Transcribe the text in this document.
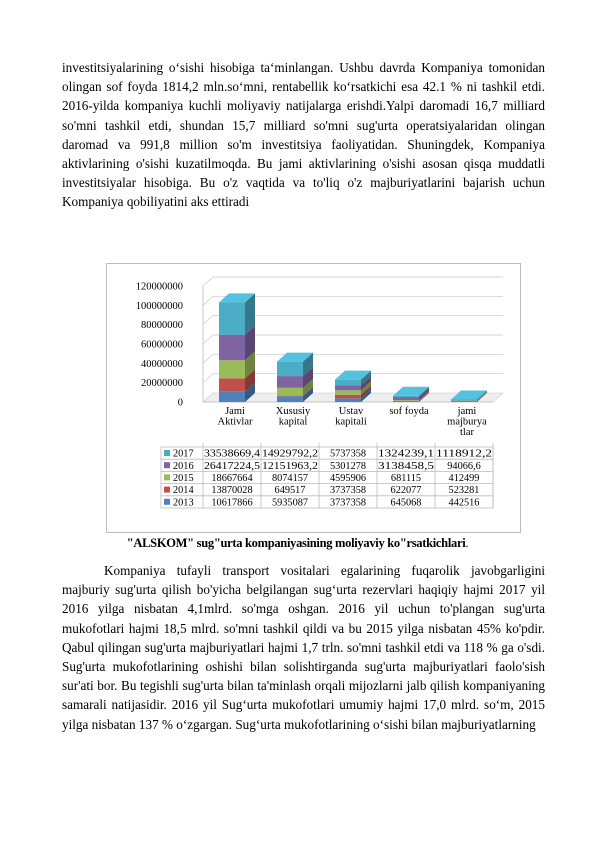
investitsiyalarining o‘sishi hisobiga ta‘minlangan. Ushbu davrda Kompaniya tomonidan olingan sof foyda 1814,2 mln.so‘mni, rentabellik ko‘rsatkichi esa 42.1 % ni tashkil etdi. 2016-yilda kompaniya kuchli moliyaviy natijalarga erishdi.Yalpi daromadi 16,7 milliard so'mni tashkil etdi, shundan 15,7 milliard so'mni sug'urta operatsiyalaridan olingan daromad va 991,8 million so'm investitsiya faoliyatidan. Shuningdek, Kompaniya aktivlarining o'sishi kuzatilmoqda. Bu jami aktivlarining o'sishi asosan qisqa muddatli investitsiyalar hisobiga. Bu o'z vaqtida va to'liq o'z majburiyatlarini bajarish uchun Kompaniya qobiliyatini aks ettiradi
0
20000000
40000000
60000000
80000000
100000000
120000000
Jami
Aktivlar
Xususiy
kapital
Ustav
kapitali
sof foyda	jami
majburya
tlar
2017 33538669,4 14929792,2 5737358 1324239,1 1118912,2
2016 26417224,5 12151963,2 5301278 3138458,5 94066,6
2015 18667664 8074157 4595906 681115	412499
2014 13870028 649517 3737358 622077	523281
2013 10617866 5935087 3737358 645068	442516
"ALSKOM" sug"urta kompaniyasining moliyaviy ko"rsatkichlari.
Kompaniya tufayli transport vositalari egalarining fuqarolik javobgarligini majburiy sug'urta qilish bo'yicha belgilangan sug‘urta rezervlari haqiqiy hajmi 2017 yil 2016 yilga nisbatan 4,1mlrd. so'mga oshgan. 2016 yil uchun to'plangan sug'urta mukofotlari hajmi 18,5 mlrd. so'mni tashkil qildi va bu 2015 yilga nisbatan 45% ko'pdir. Qabul qilingan sug'urta majburiyatlari hajmi 1,7 trln. so'mni tashkil etdi va 118 % ga o'sdi. Sug'urta mukofotlarining oshishi bilan solishtirganda sug'urta majburiyatlari faolo'sish sur'ati bor. Bu tegishli sug'urta bilan ta'minlash orqali mijozlarni jalb qilish kompaniyaning samarali natijasidir. 2016 yil Sug‘urta mukofotlari umumiy hajmi 17,0 mlrd. so‘m, 2015 yilga nisbatan 137 % o‘zgargan. Sug‘urta mukofotlarining o‘sishi bilan majburiyatlarning
